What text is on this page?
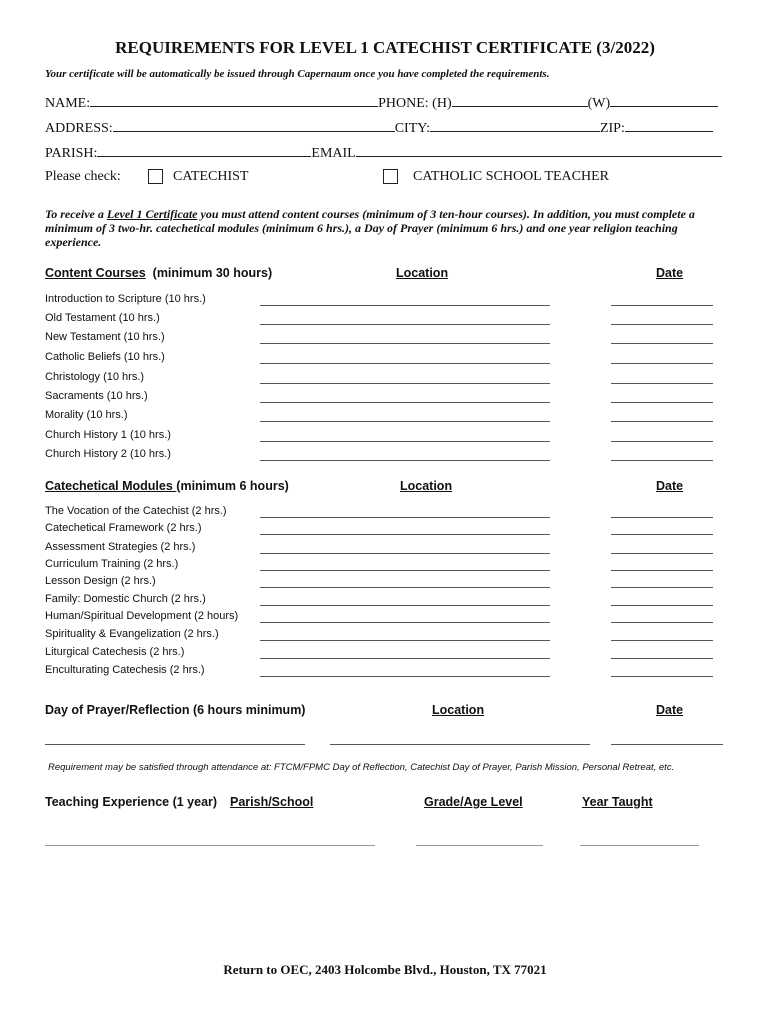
REQUIREMENTS FOR LEVEL 1 CATECHIST CERTIFICATE (3/2022)
Your certificate will be automatically be issued through Capernaum once you have completed the requirements.
NAME:	PHONE: (H)	(W)
ADDRESS:	CITY:	ZIP:
PARISH:	EMAIL
Please check:	CATECHIST	CATHOLIC SCHOOL TEACHER
To receive a Level 1 Certificate you must attend content courses (minimum of 3 ten-hour courses). In addition, you must complete a minimum of 3 two-hr. catechetical modules (minimum 6 hrs.), a Day of Prayer (minimum 6 hrs.) and one year religion teaching experience.
Content Courses (minimum 30 hours)	Location	Date
Introduction to Scripture (10 hrs.)
Old Testament (10 hrs.)
New Testament (10 hrs.)
Catholic Beliefs (10 hrs.)
Christology (10 hrs.)
Sacraments (10 hrs.)
Morality (10 hrs.)
Church History 1 (10 hrs.)
Church History 2 (10 hrs.)
Catechetical Modules (minimum 6 hours)	Location	Date
The Vocation of the Catechist (2 hrs.)
Catechetical Framework (2 hrs.)
Assessment Strategies (2 hrs.)
Curriculum Training (2 hrs.)
Lesson Design (2 hrs.)
Family: Domestic Church (2 hrs.)
Human/Spiritual Development (2 hours)
Spirituality & Evangelization (2 hrs.)
Liturgical Catechesis (2 hrs.)
Enculturating Catechesis (2 hrs.)
Day of Prayer/Reflection (6 hours minimum)	Location	Date
Requirement may be satisfied through attendance at: FTCM/FPMC Day of Reflection, Catechist Day of Prayer, Parish Mission, Personal Retreat, etc.
Teaching Experience (1 year) Parish/School	Grade/Age Level	Year Taught
Return to OEC, 2403 Holcombe Blvd., Houston, TX 77021
